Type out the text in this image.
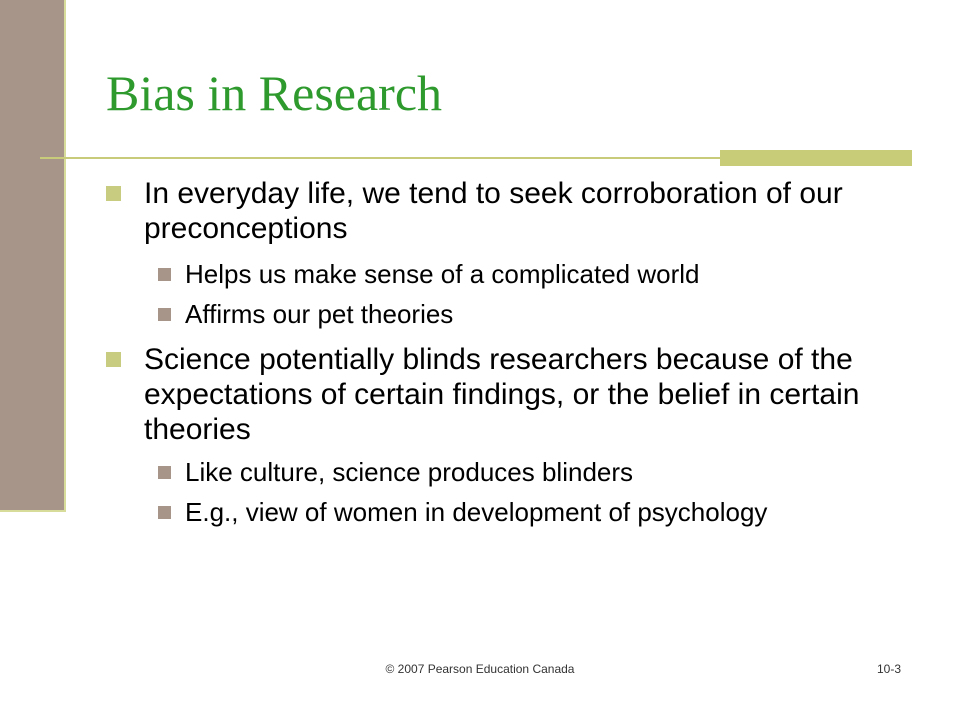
Bias in Research
In everyday life, we tend to seek corroboration of our preconceptions
Helps us make sense of a complicated world
Affirms our pet theories
Science potentially blinds researchers because of the expectations of certain findings, or the belief in certain theories
Like culture, science produces blinders
E.g., view of women in development of psychology
© 2007 Pearson Education Canada	10-3
